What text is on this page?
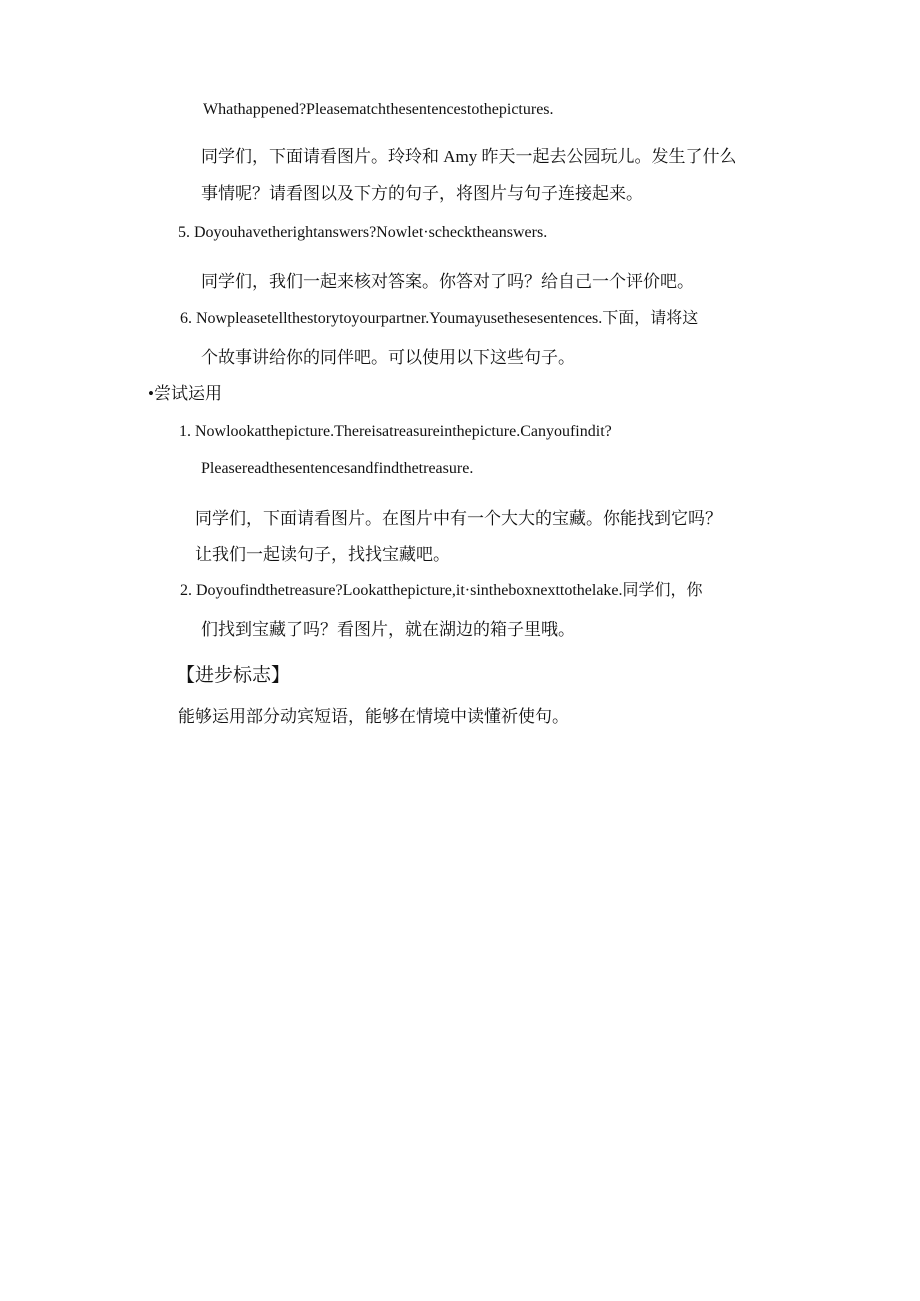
Whathappened?Pleasematchthesentencestothepictures.
同学们，下面请看图片。玲玲和 Amy 昨天一起去公园玩儿。发生了什么
事情呢？请看图以及下方的句子，将图片与句子连接起来。
5. Doyouhavetherightanswers?Nowlet·schecktheanswers.
同学们，我们一起来核对答案。你答对了吗？给自己一个评价吧。
6. Nowpleasetellthestorytoyourpartner.Youmayusethesesentences.下面，请将这
个故事讲给你的同伴吧。可以使用以下这些句子。
•尝试运用
1. Nowlookatthepicture.Thereisatreasureinthepicture.Canyoufindit?
Pleasereadthesentencesandfindthetreasure.
同学们，下面请看图片。在图片中有一个大大的宝藏。你能找到它吗？
让我们一起读句子，找找宝藏吧。
2. Doyoufindthetreasure?Lookatthepicture,it·sintheboxnexttothelake.同学们，你
们找到宝藏了吗？看图片，就在湖边的箱子里哦。
【进步标志】
能够运用部分动宾短语，能够在情境中读懂祈使句。
